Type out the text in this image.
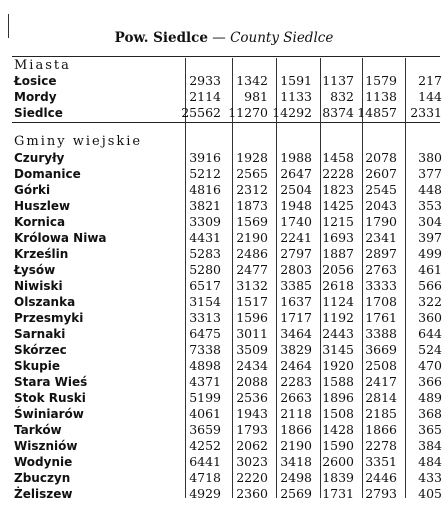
Pow. Siedlce — County Siedlce
Miasta
Łosice	2933	1342 1591 1137 1579	217
Mordy	2114	981 1133	832 1138	144
Siedlce	25562 11270 14292 8374 14857	2331
Gminy wiejskie
Czuryły	3916	1928 1988 1458 2078	380
Domanice	5212	2565 2647 2228 2607	377
Górki	4816	2312 2504 1823 2545	448
Huszlew	3821	1873 1948 1425 2043	353
Kornica	3309	1569 1740 1215 1790	304
Królowa Niwa	4431	2190 2241 1693 2341	397
Krześlin	5283	2486 2797 1887 2897	499
Łysów	5280	2477 2803 2056 2763	461
Niwiski	6517	3132 3385 2618 3333	566
Olszanka	3154	1517 1637 1124 1708	322
Przesmyki	3313	1596 1717 1192 1761	360
Sarnaki	6475	3011 3464 2443 3388	644
Skórzec	7338	3509 3829 3145 3669	524
Skupie	4898	2434 2464 1920 2508	470
Stara Wieś	4371	2088 2283 1588 2417	366
Stok Ruski	5199	2536 2663 1896 2814	489
Świniarów	4061	1943 2118 1508 2185	368
Tarków	3659	1793 1866 1428 1866	365
Wiszniów	4252	2062 2190 1590 2278	384
Wodynie	6441	3023 3418 2600 3351	484
Zbuczyn	4718	2220 2498 1839 2446	433
Żeliszew	4929	2360 2569 1731 2793	405
